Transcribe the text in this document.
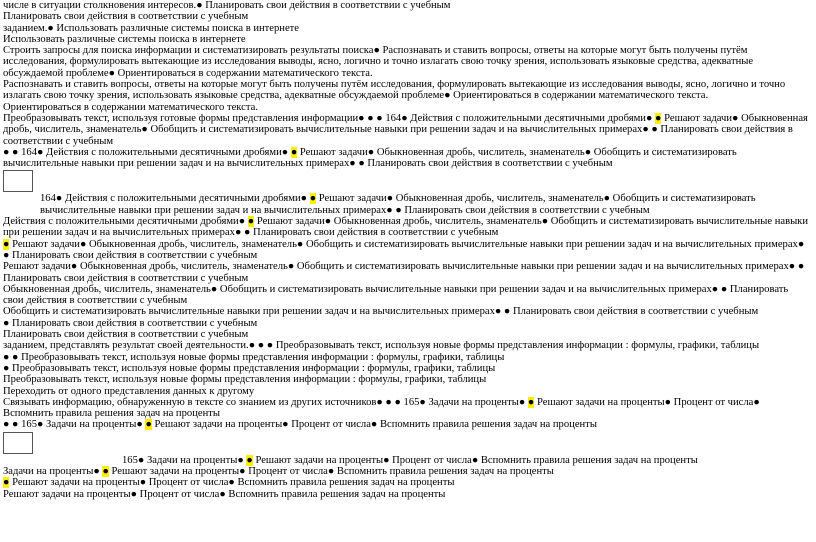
числе в ситуации столкновения интересов.● Планировать свои действия в соответствии с учебным
Планировать свои действия в соответствии с учебным
заданием.● Использовать различные системы поиска в интернете
Использовать различные системы поиска в интернете
Строить запросы для поиска информации и систематизировать результаты поиска● Распознавать и ставить вопросы, ответы на которые могут быть получены путём исследования, формулировать вытекающие из исследования выводы, ясно, логично и точно излагать свою точку зрения, использовать языковые средства, адекватные обсуждаемой проблеме● Ориентироваться в содержании математического текста.
Распознавать и ставить вопросы, ответы на которые могут быть получены путём исследования, формулировать вытекающие из исследования выводы, ясно, логично и точно излагать свою точку зрения, использовать языковые средства, адекватные обсуждаемой проблеме● Ориентироваться в содержании математического текста.
Ориентироваться в содержании математического текста.
Преобразовывать текст, используя готовые формы представления информации● ● ● 164● Действия с положительными десятичными дробями● ● Решают задачи● Обыкновенная дробь, числитель, знаменатель● Обобщить и систематизировать вычислительные навыки при решении задач и на вычислительных примерах● ● Планировать свои действия в соответствии с учебным
● ● 164● Действия с положительными десятичными дробями● ● Решают задачи● Обыкновенная дробь, числитель, знаменатель● Обобщить и систематизировать вычислительные навыки при решении задач и на вычислительных примерах● ● Планировать свои действия в соответствии с учебным
164● Действия с положительными десятичными дробями● ● Решают задачи● Обыкновенная дробь, числитель, знаменатель● Обобщить и систематизировать вычислительные навыки при решении задач и на вычислительных примерах● ● Планировать свои действия в соответствии с учебным
Действия с положительными десятичными дробями● ● Решают задачи● Обыкновенная дробь, числитель, знаменатель● Обобщить и систематизировать вычислительные навыки при решении задач и на вычислительных примерах● ● Планировать свои действия в соответствии с учебным
● Решают задачи● Обыкновенная дробь, числитель, знаменатель● Обобщить и систематизировать вычислительные навыки при решении задач и на вычислительных примерах● ● Планировать свои действия в соответствии с учебным
Решают задачи● Обыкновенная дробь, числитель, знаменатель● Обобщить и систематизировать вычислительные навыки при решении задач и на вычислительных примерах● ● Планировать свои действия в соответствии с учебным
Обыкновенная дробь, числитель, знаменатель● Обобщить и систематизировать вычислительные навыки при решении задач и на вычислительных примерах● ● Планировать свои действия в соответствии с учебным
Обобщить и систематизировать вычислительные навыки при решении задач и на вычислительных примерах● ● Планировать свои действия в соответствии с учебным
● Планировать свои действия в соответствии с учебным
Планировать свои действия в соответствии с учебным
заданием, представлять результат своей деятельности.● ● ● Преобразовывать текст, используя новые формы представления информации : формулы, графики, таблицы
● ● Преобразовывать текст, используя новые формы представления информации : формулы, графики, таблицы
● Преобразовывать текст, используя новые формы представления информации : формулы, графики, таблицы
Преобразовывать текст, используя новые формы представления информации : формулы, графики, таблицы
Переходить от одного представления данных к другому
Связывать информацию, обнаруженную в тексте со знанием из других источников● ● ● 165● Задачи на проценты● ● Решают задачи на проценты● Процент от числа● Вспомнить правила решения задач на проценты
● ● 165● Задачи на проценты● ● Решают задачи на проценты● Процент от числа● Вспомнить правила решения задач на проценты
165● Задачи на проценты● ● Решают задачи на проценты● Процент от числа● Вспомнить правила решения задач на проценты
Задачи на проценты● ● Решают задачи на проценты● Процент от числа● Вспомнить правила решения задач на проценты
● Решают задачи на проценты● Процент от числа● Вспомнить правила решения задач на проценты
Решают задачи на проценты● Процент от числа● Вспомнить правила решения задач на проценты
